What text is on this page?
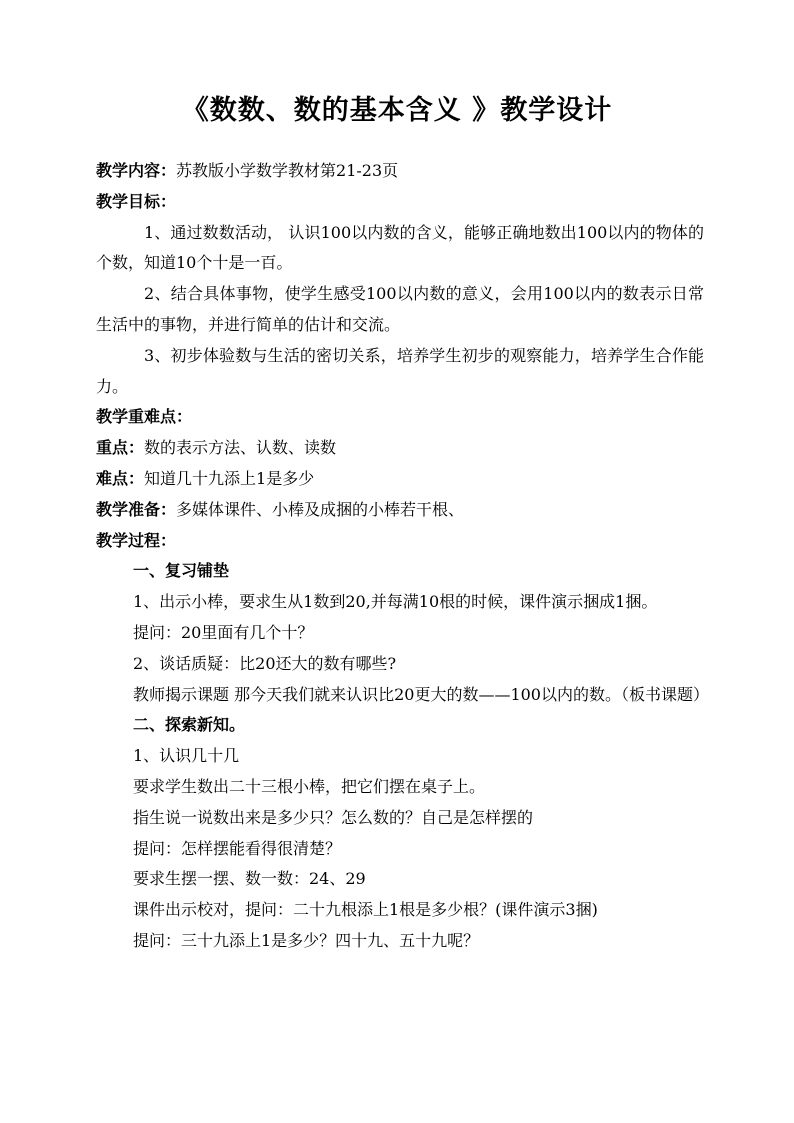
《数数、数的基本含义 》教学设计

教学内容：苏教版小学数学教材第21-23页

教学目标：

1、通过数数活动， 认识100以内数的含义，能够正确地数出100以内的物体的个数，知道10个十是一百。

2、结合具体事物，使学生感受100以内数的意义，会用100以内的数表示日常生活中的事物，并进行简单的估计和交流。

3、初步体验数与生活的密切关系，培养学生初步的观察能力，培养学生合作能力。

教学重难点：

重点：数的表示方法、认数、读数

难点：知道几十九添上1是多少

教学准备：多媒体课件、小棒及成捆的小棒若干根、

教学过程：

一、复习铺垫

1、出示小棒，要求生从1数到20,并每满10根的时候，课件演示捆成1捆。

提问：20里面有几个十？

2、谈话质疑：比20还大的数有哪些?

教师揭示课题 那今天我们就来认识比20更大的数——100以内的数。（板书课题）

二、探索新知。

1、认识几十几

要求学生数出二十三根小棒，把它们摆在桌子上。

指生说一说数出来是多少只？怎么数的？自己是怎样摆的

提问：怎样摆能看得很清楚？

要求生摆一摆、数一数：24、29

课件出示校对，提问：二十九根添上1根是多少根？(课件演示3捆)

提问：三十九添上1是多少？四十九、五十九呢？
